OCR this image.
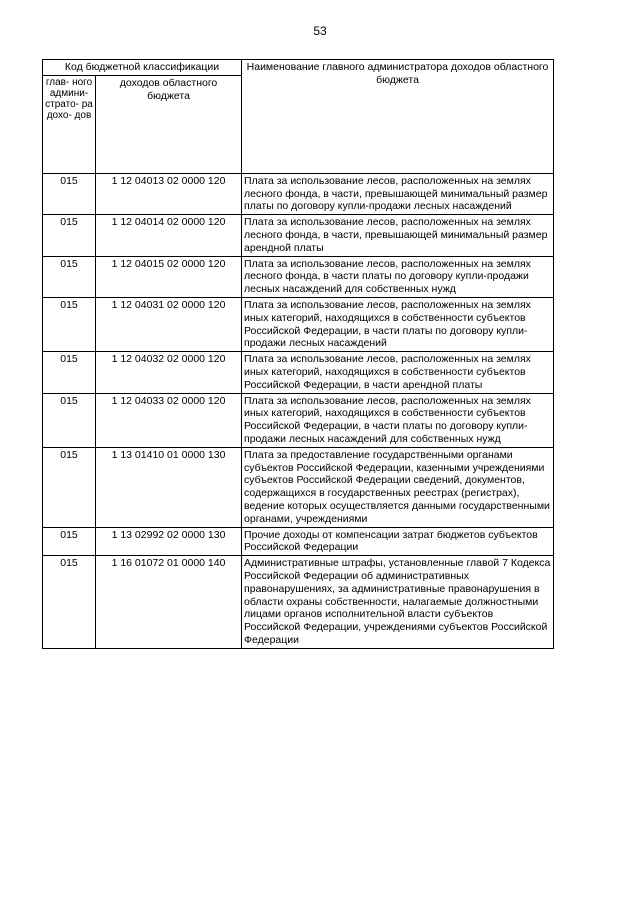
53
Код бюджетной классификации		Наименование главного администратора доходов областного бюджета
глав- ного админи- страто- ра дохо- дов	доходов областного бюджета	
015	1 12 04013 02 0000 120	Плата за использование лесов, расположенных на землях лесного фонда, в части, превышающей минимальный размер платы по договору купли-продажи лесных насаждений
015	1 12 04014 02 0000 120	Плата за использование лесов, расположенных на землях лесного фонда, в части, превышающей минимальный размер арендной платы
015	1 12 04015 02 0000 120	Плата за использование лесов, расположенных на землях лесного фонда, в части платы по договору купли-продажи лесных насаждений для собственных нужд
015	1 12 04031 02 0000 120	Плата за использование лесов, расположенных на землях иных категорий, находящихся в собственности субъектов Российской Федерации, в части платы по договору купли-продажи лесных насаждений
015	1 12 04032 02 0000 120	Плата за использование лесов, расположенных на землях иных категорий, находящихся в собственности субъектов Российской Федерации, в части арендной платы
015	1 12 04033 02 0000 120	Плата за использование лесов, расположенных на землях иных категорий, находящихся в собственности субъектов Российской Федерации, в части платы по договору купли-продажи лесных насаждений для собственных нужд
015	1 13 01410 01 0000 130	Плата за предоставление государственными органами субъектов Российской Федерации, казенными учреждениями субъектов Российской Федерации сведений, документов, содержащихся в государственных реестрах (регистрах), ведение которых осуществляется данными государственными органами, учреждениями
015	1 13 02992 02 0000 130	Прочие доходы от компенсации затрат бюджетов субъектов Российской Федерации
015	1 16 01072 01 0000 140	Административные штрафы, установленные главой 7 Кодекса Российской Федерации об административных правонарушениях, за административные правонарушения в области охраны собственности, налагаемые должностными лицами органов исполнительной власти субъектов Российской Федерации, учреждениями субъектов Российской Федерации
